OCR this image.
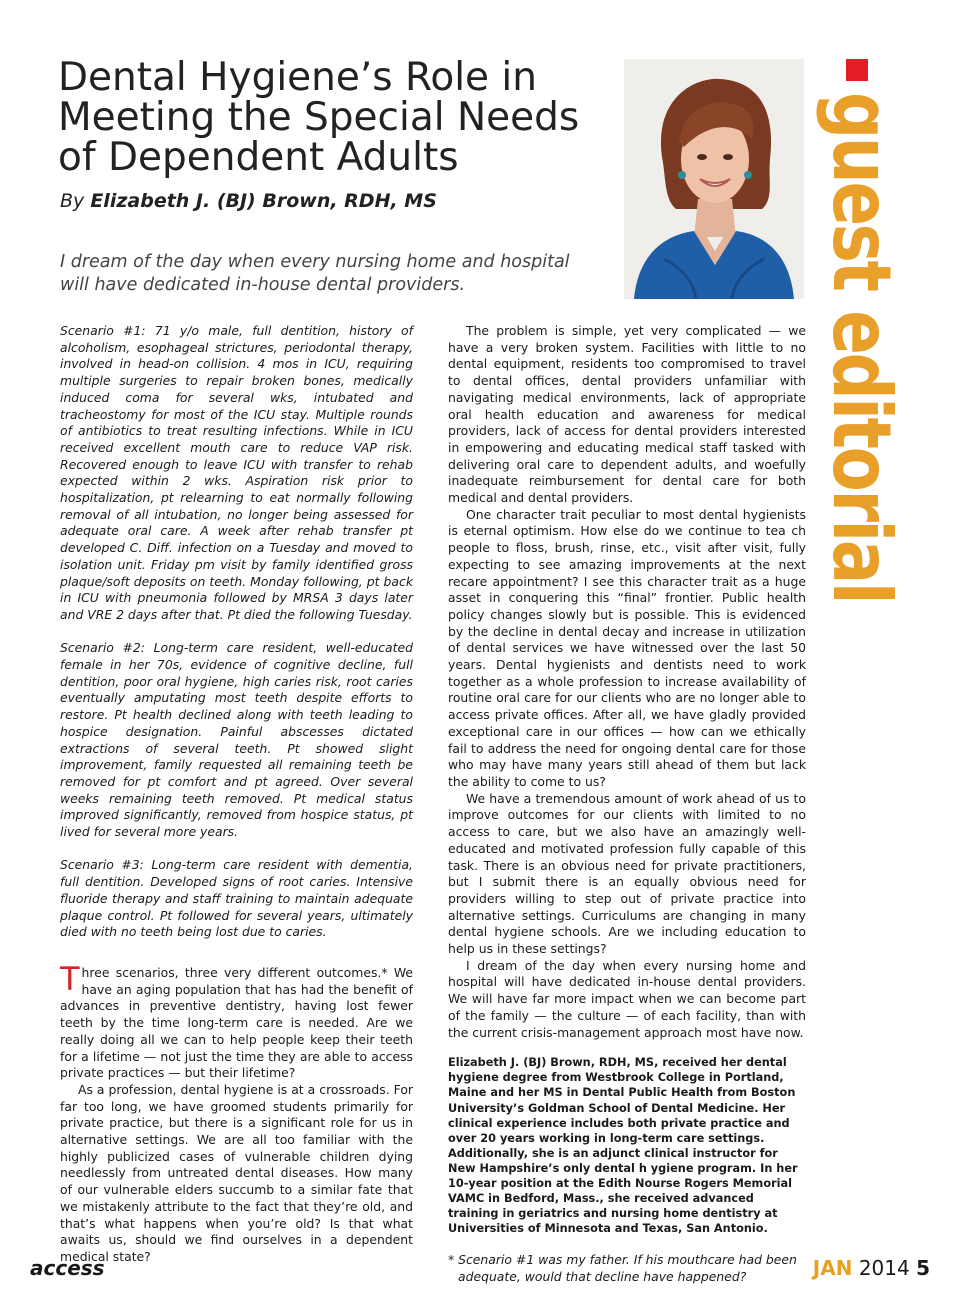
Dental Hygiene’s Role in Meeting the Special Needs of Dependent Adults
By Elizabeth J. (BJ) Brown, RDH, MS

I dream of the day when every nursing home and hospital will have dedicated in-house dental providers.	guest editorial

Scenario #1: 71 y/o male, full dentition, history of alcoholism, esophageal strictures, periodontal therapy, involved in head-on collision. 4 mos in ICU, requiring multiple surgeries to repair broken bones, medically induced coma for several wks, intubated and tracheostomy for most of the ICU stay. Multiple rounds of antibiotics to treat resulting infections. While in ICU received excellent mouth care to reduce VAP risk. Recovered enough to leave ICU with transfer to rehab expected within 2 wks. Aspiration risk prior to hospitalization, pt relearning to eat normally following removal of all intubation, no longer being assessed for adequate oral care. A week after rehab transfer pt developed C. Diff. infection on a Tuesday and moved to isolation unit. Friday pm visit by family identified gross plaque/soft deposits on teeth. Monday following, pt back in ICU with pneumonia followed by MRSA 3 days later and VRE 2 days after that. Pt died the following Tuesday.

Scenario #2: Long-term care resident, well-educated female in her 70s, evidence of cognitive decline, full dentition, poor oral hygiene, high caries risk, root caries eventually amputating most teeth despite efforts to restore. Pt health declined along with teeth leading to hospice designation. Painful abscesses dictated extractions of several teeth. Pt showed slight improvement, family requested all remaining teeth be removed for pt comfort and pt agreed. Over several weeks remaining teeth removed. Pt medical status improved significantly, removed from hospice status, pt lived for several more years.

Scenario #3: Long-term care resident with dementia, full dentition. Developed signs of root caries. Intensive fluoride therapy and staff training to maintain adequate plaque control. Pt followed for several years, ultimately died with no teeth being lost due to caries.

Three scenarios, three very different outcomes.* We have an aging population that has had the benefit of advances in preventive dentistry, having lost fewer teeth by the time long-term care is needed. Are we really doing all we can to help people keep their teeth for a lifetime — not just the time they are able to access private practices — but their lifetime?

As a profession, dental hygiene is at a crossroads. For far too long, we have groomed students primarily for private practice, but there is a significant role for us in alternative settings. We are all too familiar with the highly publicized cases of vulnerable children dying needlessly from untreated dental diseases. How many of our vulnerable elders succumb to a similar fate that we mistakenly attribute to the fact that they’re old, and that’s what happens when you’re old? Is that what awaits us, should we find ourselves in a dependent medical state?

The problem is simple, yet very complicated — we have a very broken system. Facilities with little to no dental equipment, residents too compromised to travel to dental offices, dental providers unfamiliar with navigating medical environments, lack of appropriate oral health education and awareness for medical providers, lack of access for dental providers interested in empowering and educating medical staff tasked with delivering oral care to dependent adults, and woefully inadequate reimbursement for dental care for both medical and dental providers.

One character trait peculiar to most dental hygienists is eternal optimism. How else do we continue to tea ch people to floss, brush, rinse, etc., visit after visit, fully expecting to see amazing improvements at the next recare appointment? I see this character trait as a huge asset in conquering this “final” frontier. Public health policy changes slowly but is possible. This is evidenced by the decline in dental decay and increase in utilization of dental services we have witnessed over the last 50 years. Dental hygienists and dentists need to work together as a whole profession to increase availability of routine oral care for our clients who are no longer able to access private offices. After all, we have gladly provided exceptional care in our offices — how can we ethically fail to address the need for ongoing dental care for those who may have many years still ahead of them but lack the ability to come to us?

We have a tremendous amount of work ahead of us to improve outcomes for our clients with limited to no access to care, but we also have an amazingly well-educated and motivated profession fully capable of this task. There is an obvious need for private practitioners, but I submit there is an equally obvious need for providers willing to step out of private practice into alternative settings. Curriculums are changing in many dental hygiene schools. Are we including education to help us in these settings?

I dream of the day when every nursing home and hospital will have dedicated in-house dental providers. We will have far more impact when we can become part of the family — the culture — of each facility, than with the current crisis-management approach most have now.

Elizabeth J. (BJ) Brown, RDH, MS, received her dental hygiene degree from Westbrook College in Portland, Maine and her MS in Dental Public Health from Boston University’s Goldman School of Dental Medicine. Her clinical experience includes both private practice and over 20 years working in long-term care settings. Additionally, she is an adjunct clinical instructor for New Hampshire’s only dental h ygiene program. In her 10-year position at the Edith Nourse Rogers Memorial VAMC in Bedford, Mass., she received advanced training in geriatrics and nursing home dentistry at Universities of Minnesota and Texas, San Antonio.

* Scenario #1 was my father. If his mouthcare had been adequate, would that decline have happened?

access	JAN 2014 5
